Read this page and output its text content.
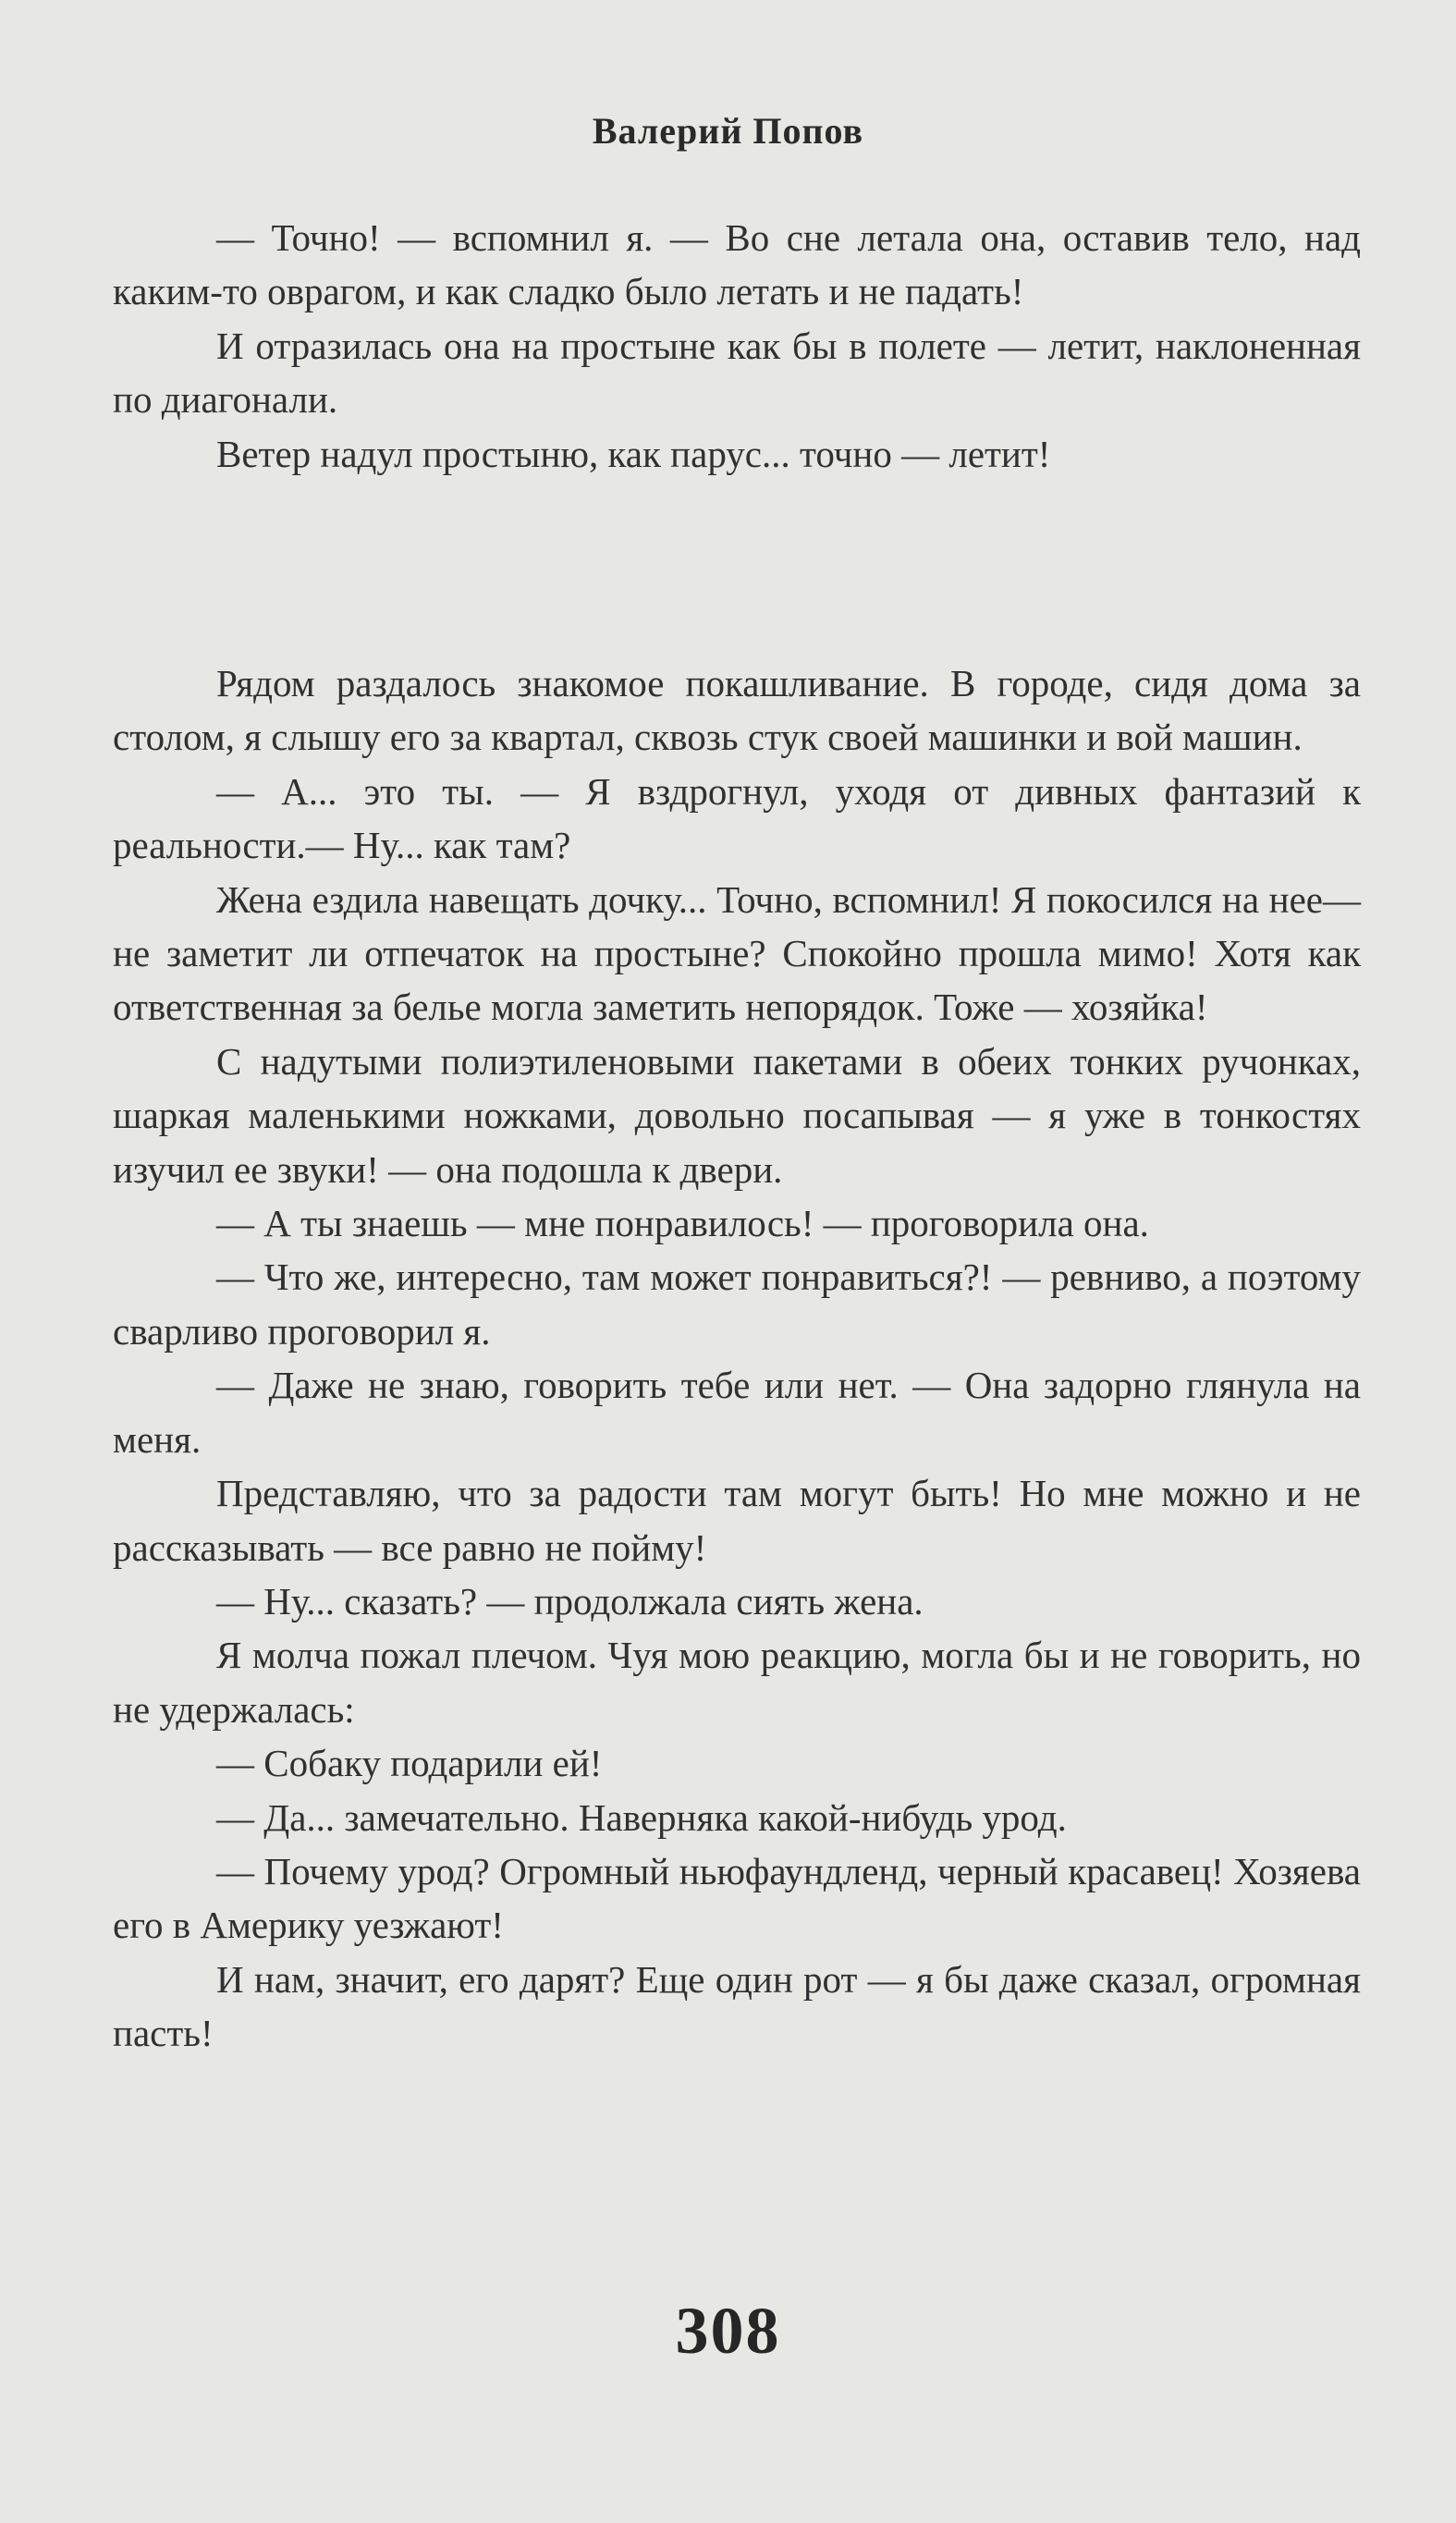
Валерий Попов

— Точно! — вспомнил я. — Во сне летала она, оставив тело, над каким-то оврагом, и как сладко было летать и не падать!

И отразилась она на простыне как бы в полете — летит, наклоненная по диагонали.

Ветер надул простыню, как парус... точно — летит!

Рядом раздалось знакомое покашливание. В городе, сидя дома за столом, я слышу его за квартал, сквозь стук своей машинки и вой машин.

— А... это ты. — Я вздрогнул, уходя от дивных фантазий к реальности.— Ну... как там?

Жена ездила навещать дочку... Точно, вспомнил! Я покосился на нее— не заметит ли отпечаток на простыне? Спокойно прошла мимо! Хотя как ответственная за белье могла заметить непорядок. Тоже — хозяйка!

С надутыми полиэтиленовыми пакетами в обеих тонких ручонках, шаркая маленькими ножками, довольно посапывая — я уже в тонкостях изучил ее звуки! — она подошла к двери.

— А ты знаешь — мне понравилось! — проговорила она.

— Что же, интересно, там может понравиться?! — ревниво, а поэтому сварливо проговорил я.

— Даже не знаю, говорить тебе или нет. — Она задорно глянула на меня.

Представляю, что за радости там могут быть! Но мне можно и не рассказывать — все равно не пойму!

— Ну... сказать? — продолжала сиять жена.

Я молча пожал плечом. Чуя мою реакцию, могла бы и не говорить, но не удержалась:

— Собаку подарили ей!

— Да... замечательно. Наверняка какой-нибудь урод.

— Почему урод? Огромный ньюфаундленд, черный красавец! Хозяева его в Америку уезжают!

И нам, значит, его дарят? Еще один рот — я бы даже сказал, огромная пасть!

308
